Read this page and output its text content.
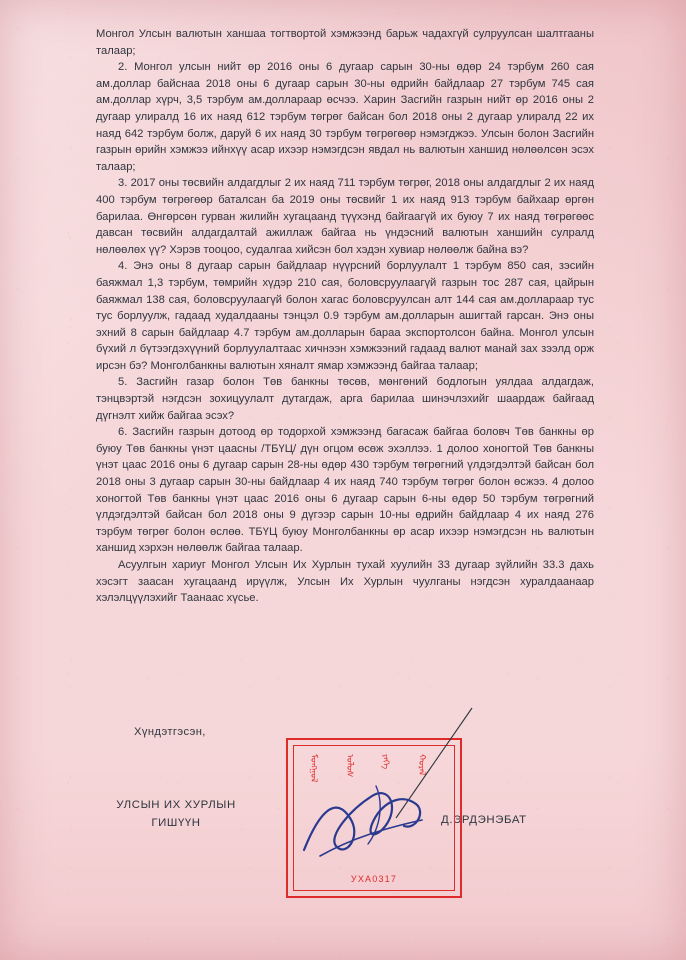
Монгол Улсын валютын ханшаа тогтвортой хэмжээнд барьж чадахгүй сулруулсан шалтгааны талаар;

2. Монгол улсын нийт өр 2016 оны 6 дугаар сарын 30-ны өдөр 24 тэрбум 260 сая ам.доллар байснаа 2018 оны 6 дугаар сарын 30-ны өдрийн байдлаар 27 тэрбум 745 сая ам.доллар хүрч, 3,5 тэрбум ам.доллараар өсчээ. Харин Засгийн газрын нийт өр 2016 оны 2 дугаар улиралд 16 их наяд 612 тэрбум төгрөг байсан бол 2018 оны 2 дугаар улиралд 22 их наяд 642 тэрбум болж, даруй 6 их наяд 30 тэрбум төгрөгөөр нэмэгджээ. Улсын болон Засгийн газрын өрийн хэмжээ ийнхүү асар ихээр нэмэгдсэн явдал нь валютын ханшид нөлөөлсөн эсэх талаар;

3. 2017 оны төсвийн алдагдлыг 2 их наяд 711 тэрбум төгрөг, 2018 оны алдагдлыг 2 их наяд 400 тэрбум төгрөгөөр баталсан ба 2019 оны төсвийг 1 их наяд 913 тэрбум байхаар өргөн барилаа. Өнгөрсөн гурван жилийн хугацаанд түүхэнд байгаагүй их буюу 7 их наяд төгрөгөөс давсан төсвийн алдагдалтай ажиллаж байгаа нь үндэсний валютын ханшийн сулралд нөлөөлөх үү? Хэрэв тооцоо, судалгаа хийсэн бол хэдэн хувиар нөлөөлж байна вэ?

4. Энэ оны 8 дугаар сарын байдлаар нүүрсний борлуулалт 1 тэрбум 850 сая, зэсийн баяжмал 1,3 тэрбум, төмрийн хүдэр 210 сая, боловсруулаагүй газрын тос 287 сая, цайрын баяжмал 138 сая, боловсруулаагүй болон хагас боловсруулсан алт 144 сая ам.доллараар тус тус борлуулж, гадаад худалдааны тэнцэл 0.9 тэрбум ам.долларын ашигтай гарсан. Энэ оны эхний 8 сарын байдлаар 4.7 тэрбум ам.долларын бараа экспортолсон байна. Монгол улсын бүхий л бүтээгдэхүүний борлуулалтаас хичнээн хэмжээний гадаад валют манай зах зээлд орж ирсэн бэ? Монголбанкны валютын хяналт ямар хэмжээнд байгаа талаар;

5. Засгийн газар болон Төв банкны төсөв, мөнгөний бодлогын уялдаа алдагдаж, тэнцвэртэй нэгдсэн зохицуулалт дутагдаж, арга барилаа шинэчлэхийг шаардаж байгаад дүгнэлт хийж байгаа эсэх?

6. Засгийн газрын дотоод өр тодорхой хэмжээнд багасаж байгаа боловч Төв банкны өр буюу Төв банкны үнэт цаасны /ТБҮЦ/ дүн огцом өсөж эхэллээ. 1 долоо хоногтой Төв банкны үнэт цаас 2016 оны 6 дугаар сарын 28-ны өдөр 430 тэрбум төгрөгний үлдэгдэлтэй байсан бол 2018 оны 3 дугаар сарын 30-ны байдлаар 4 их наяд 740 тэрбум төгрөг болон өсжээ. 4 долоо хоногтой Төв банкны үнэт цаас 2016 оны 6 дугаар сарын 6-ны өдөр 50 тэрбум төгрөгний үлдэгдэлтэй байсан бол 2018 оны 9 дүгээр сарын 10-ны өдрийн байдлаар 4 их наяд 276 тэрбум төгрөг болон өслөө. ТБҮЦ буюу Монголбанкны өр асар ихээр нэмэгдсэн нь валютын ханшид хэрхэн нөлөөлж байгаа талаар.

Асуулгын хариуг Монгол Улсын Их Хурлын тухай хуулийн 33 дугаар зүйлийн 33.3 дахь хэсэгт заасан хугацаанд ирүүлж, Улсын Их Хурлын чуулганы нэгдсэн хуралдаанаар хэлэлцүүлэхийг Таанаас хүсье.

Хүндэтгэсэн,
УЛСЫН ИХ ХУРЛЫН ГИШҮҮН	Д.ЭРДЭНЭБАТ
ᠮᠣᠩᠭᠣᠯ	ᠤᠯᠤᠰ	ᠶᠡᠬᠡ	ᠬᠤᠷᠠᠯ
УХА0317
